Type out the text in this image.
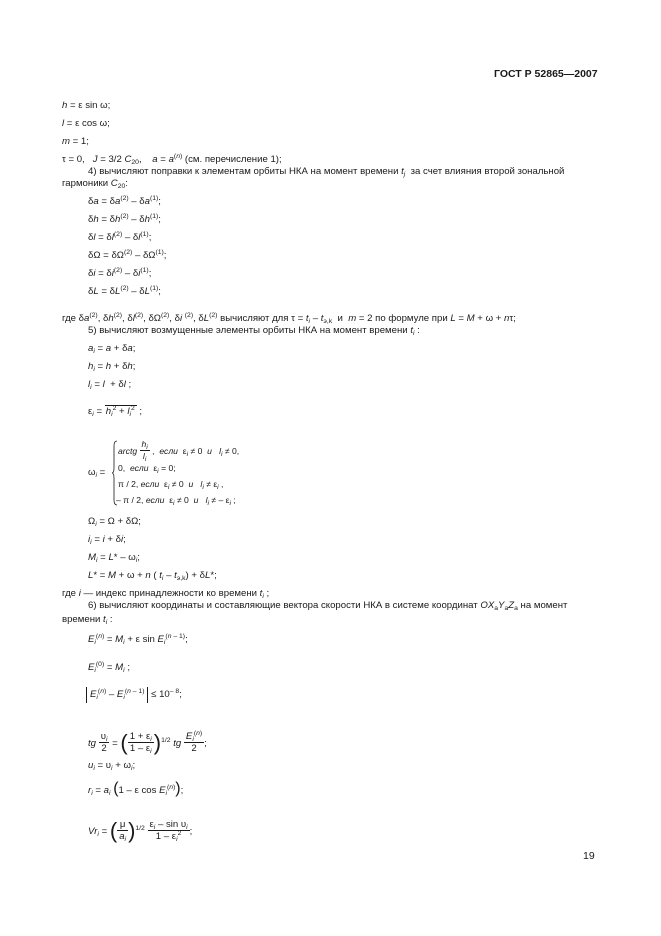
ГОСТ Р 52865—2007
h = ε sin ω;
l = ε cos ω;
m = 1;
τ = 0,   J = 3/2 $C_{20}$,    $a = a^{(n)}$ (см. перечисление 1);
4) вычисляют поправки к элементам орбиты НКА на момент времени $t_j$ за счет влияния второй зональной
гармоники $C_{20}$:
$\delta a = \delta a^{(2)} - \delta a^{(1)}$;
$\delta h = \delta h^{(2)} - \delta h^{(1)}$;
$\delta l = \delta l^{(2)} - \delta l^{(1)}$;
$\delta\Omega = \delta\Omega^{(2)} - \delta\Omega^{(1)}$;
$\delta i = \delta i^{(2)} - \delta i^{(1)}$;
$\delta L = \delta L^{(2)} - \delta L^{(1)}$;
где $\delta a^{(2)}$, $\delta h^{(2)}$, $\delta l^{(2)}$, $\delta\Omega^{(2)}$, δi $^{(2)}$, $\delta L^{(2)}$ вычисляют для $\tau = t_i - t_{э,k}$ и m = 2 по формуле при L = M + ω + nτ;
5) вычисляют возмущенные элементы орбиты НКА на момент времени $t_i$ :
$a_i = a + \delta a$;
$h_i = h + \delta h$;
$l_i = l + \delta l$ ;
$\varepsilon_i = h_i^2 + l_i^2$ ;
$\omega_i$ =
arctg $\frac{h_i}{l_i}$ ,  если  $\varepsilon_i \ne 0$  и $l_i \ne 0$,
0,  если  $\varepsilon_i = 0$;
π / 2, если  $\varepsilon_i \ne 0$  и $l_i \ne \varepsilon_i$ ,
– π / 2, если  $\varepsilon_i \ne 0$  и $l_i$ ≠ – $\varepsilon_i$ ;
$\Omega_i = \Omega + \delta\Omega$;
$i_i = i + \delta i$;
$M_i = L* - \omega_i$;
L* = M + ω + n ( $t_i - t_{э,k}) + \delta L*$;
где i — индекс принадлежности ко времени $t_i$ ;
6) вычисляют координаты и составляющие вектора скорости НКА в системе координат $OX_аY_аZ_а$ на момент
времени $t_i$ :
$E_i^{(n)} = M_i + \varepsilon$ $\sin E_i^{(n - 1)}$;
$E_i^{(0)} = M_i$ ;
$E_i^{(n)} - E_i^{(n - 1)} \le 10^{- 8}$;
tg $\frac{\upsilon_i}{2}$ = ( $\frac{1 + \varepsilon_i}{1 - \varepsilon_i} )^{1/2}$ tg $\frac{E_i^{(n)}}{2}$ ;
$u_i = \upsilon_i + \omega_i$;
$r_i = a_i$ (1 – ε $\cos E_i^{(n)}$);
$Vr_i$ = ( $\frac{\mu}{a_i} )^{1/2} \frac{\varepsilon_i - \sin \upsilon_i}{1 - \varepsilon_i^2}$ ;
19
